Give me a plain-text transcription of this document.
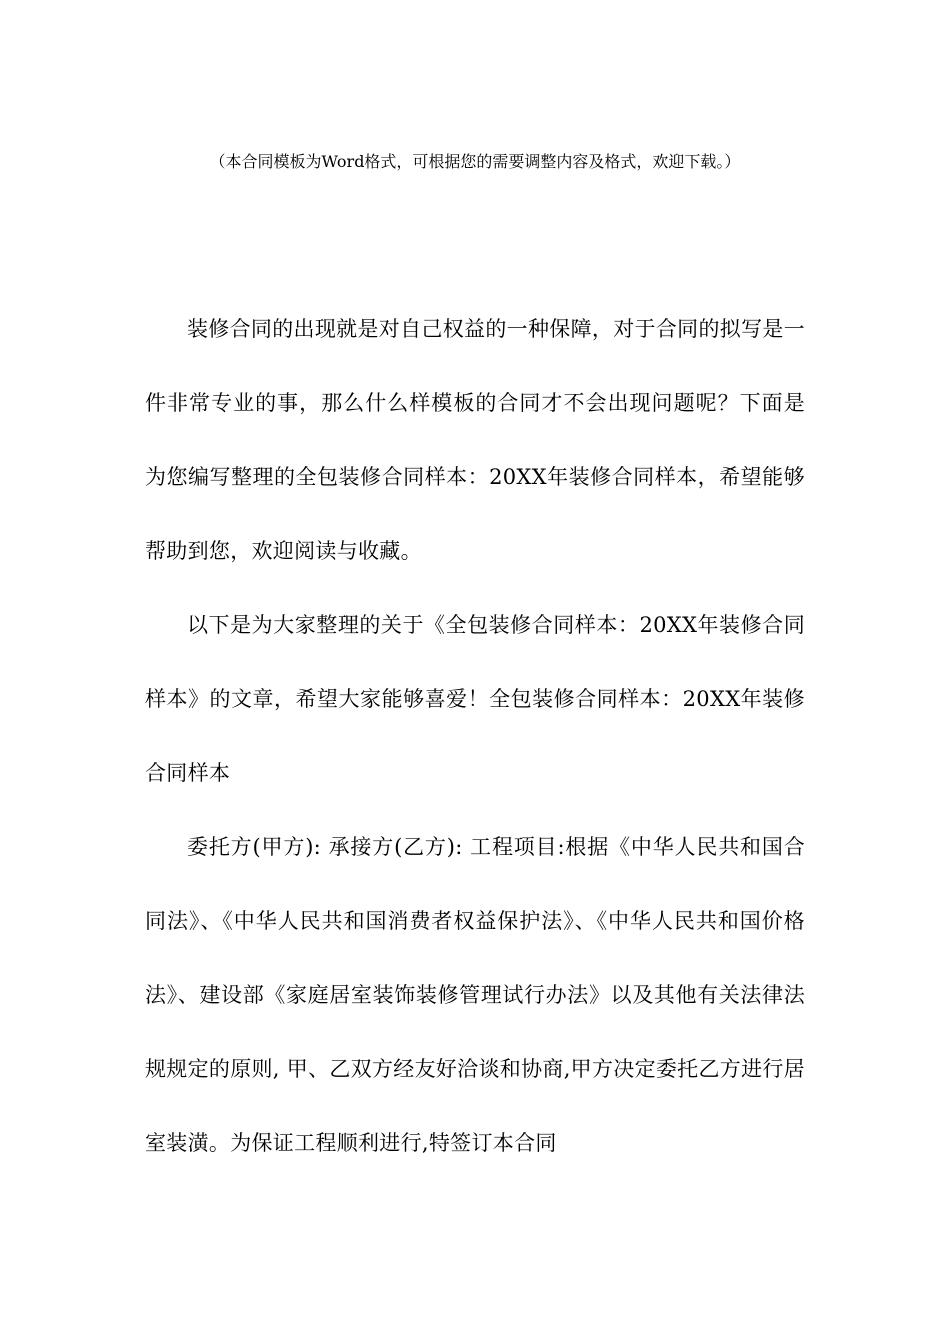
（本合同模板为Word格式，可根据您的需要调整内容及格式，欢迎下载。）

装修合同的出现就是对自己权益的一种保障，对于合同的拟写是一件非常专业的事，那么什么样模板的合同才不会出现问题呢？下面是为您编写整理的全包装修合同样本：20XX年装修合同样本，希望能够帮助到您，欢迎阅读与收藏。

以下是为大家整理的关于《全包装修合同样本：20XX年装修合同样本》的文章，希望大家能够喜爱！全包装修合同样本：20XX年装修合同样本

委托方(甲方): 承接方(乙方): 工程项目:根据《中华人民共和国合同法》、《中华人民共和国消费者权益保护法》、《中华人民共和国价格法》、建设部《家庭居室装饰装修管理试行办法》以及其他有关法律法规规定的原则, 甲、乙双方经友好洽谈和协商,甲方决定委托乙方进行居室装潢。为保证工程顺利进行,特签订本合同
